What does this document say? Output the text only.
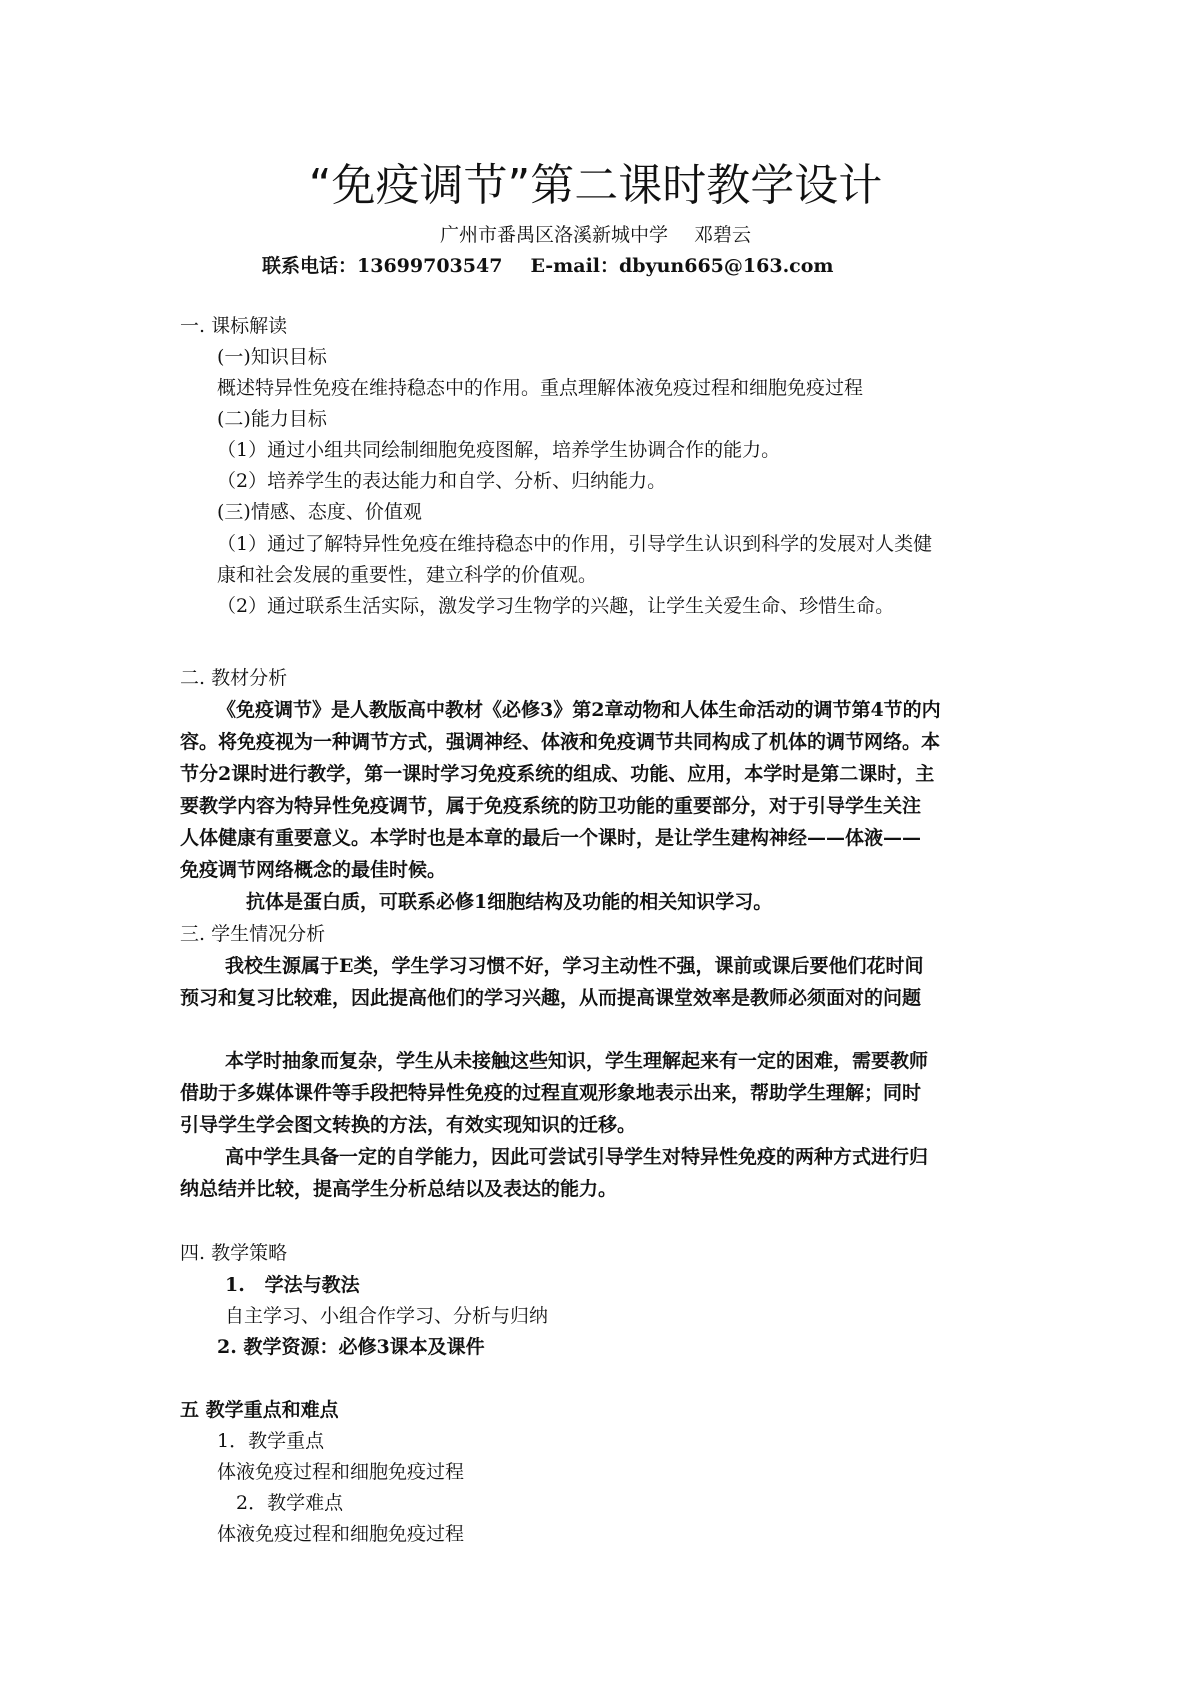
“免疫调节”第二课时教学设计
广州市番禺区洛溪新城中学 邓碧云
联系电话：13699703547 E-mail：dbyun665@163.com
一. 课标解读
(一)知识目标
概述特异性免疫在维持稳态中的作用。重点理解体液免疫过程和细胞免疫过程
(二)能力目标
（1）通过小组共同绘制细胞免疫图解，培养学生协调合作的能力。
（2）培养学生的表达能力和自学、分析、归纳能力。
(三)情感、态度、价值观
（1）通过了解特异性免疫在维持稳态中的作用，引导学生认识到科学的发展对人类健
康和社会发展的重要性，建立科学的价值观。
（2）通过联系生活实际，激发学习生物学的兴趣，让学生关爱生命、珍惜生命。
二. 教材分析
《免疫调节》是人教版高中教材《必修3》第2章动物和人体生命活动的调节第4节的内
容。将免疫视为一种调节方式，强调神经、体液和免疫调节共同构成了机体的调节网络。本
节分2课时进行教学，第一课时学习免疫系统的组成、功能、应用，本学时是第二课时，主
要教学内容为特异性免疫调节，属于免疫系统的防卫功能的重要部分，对于引导学生关注
人体健康有重要意义。本学时也是本章的最后一个课时，是让学生建构神经——体液——
免疫调节网络概念的最佳时候。
抗体是蛋白质，可联系必修1细胞结构及功能的相关知识学习。
三. 学生情况分析
我校生源属于E类，学生学习习惯不好，学习主动性不强，课前或课后要他们花时间
预习和复习比较难，因此提高他们的学习兴趣，从而提高课堂效率是教师必须面对的问题
本学时抽象而复杂，学生从未接触这些知识，学生理解起来有一定的困难，需要教师
借助于多媒体课件等手段把特异性免疫的过程直观形象地表示出来，帮助学生理解；同时
引导学生学会图文转换的方法，有效实现知识的迁移。
高中学生具备一定的自学能力，因此可尝试引导学生对特异性免疫的两种方式进行归
纳总结并比较，提高学生分析总结以及表达的能力。
四. 教学策略
1.   学法与教法
自主学习、小组合作学习、分析与归纳
2. 教学资源：必修3课本及课件
五 教学重点和难点
1．教学重点
体液免疫过程和细胞免疫过程
2．教学难点
体液免疫过程和细胞免疫过程
